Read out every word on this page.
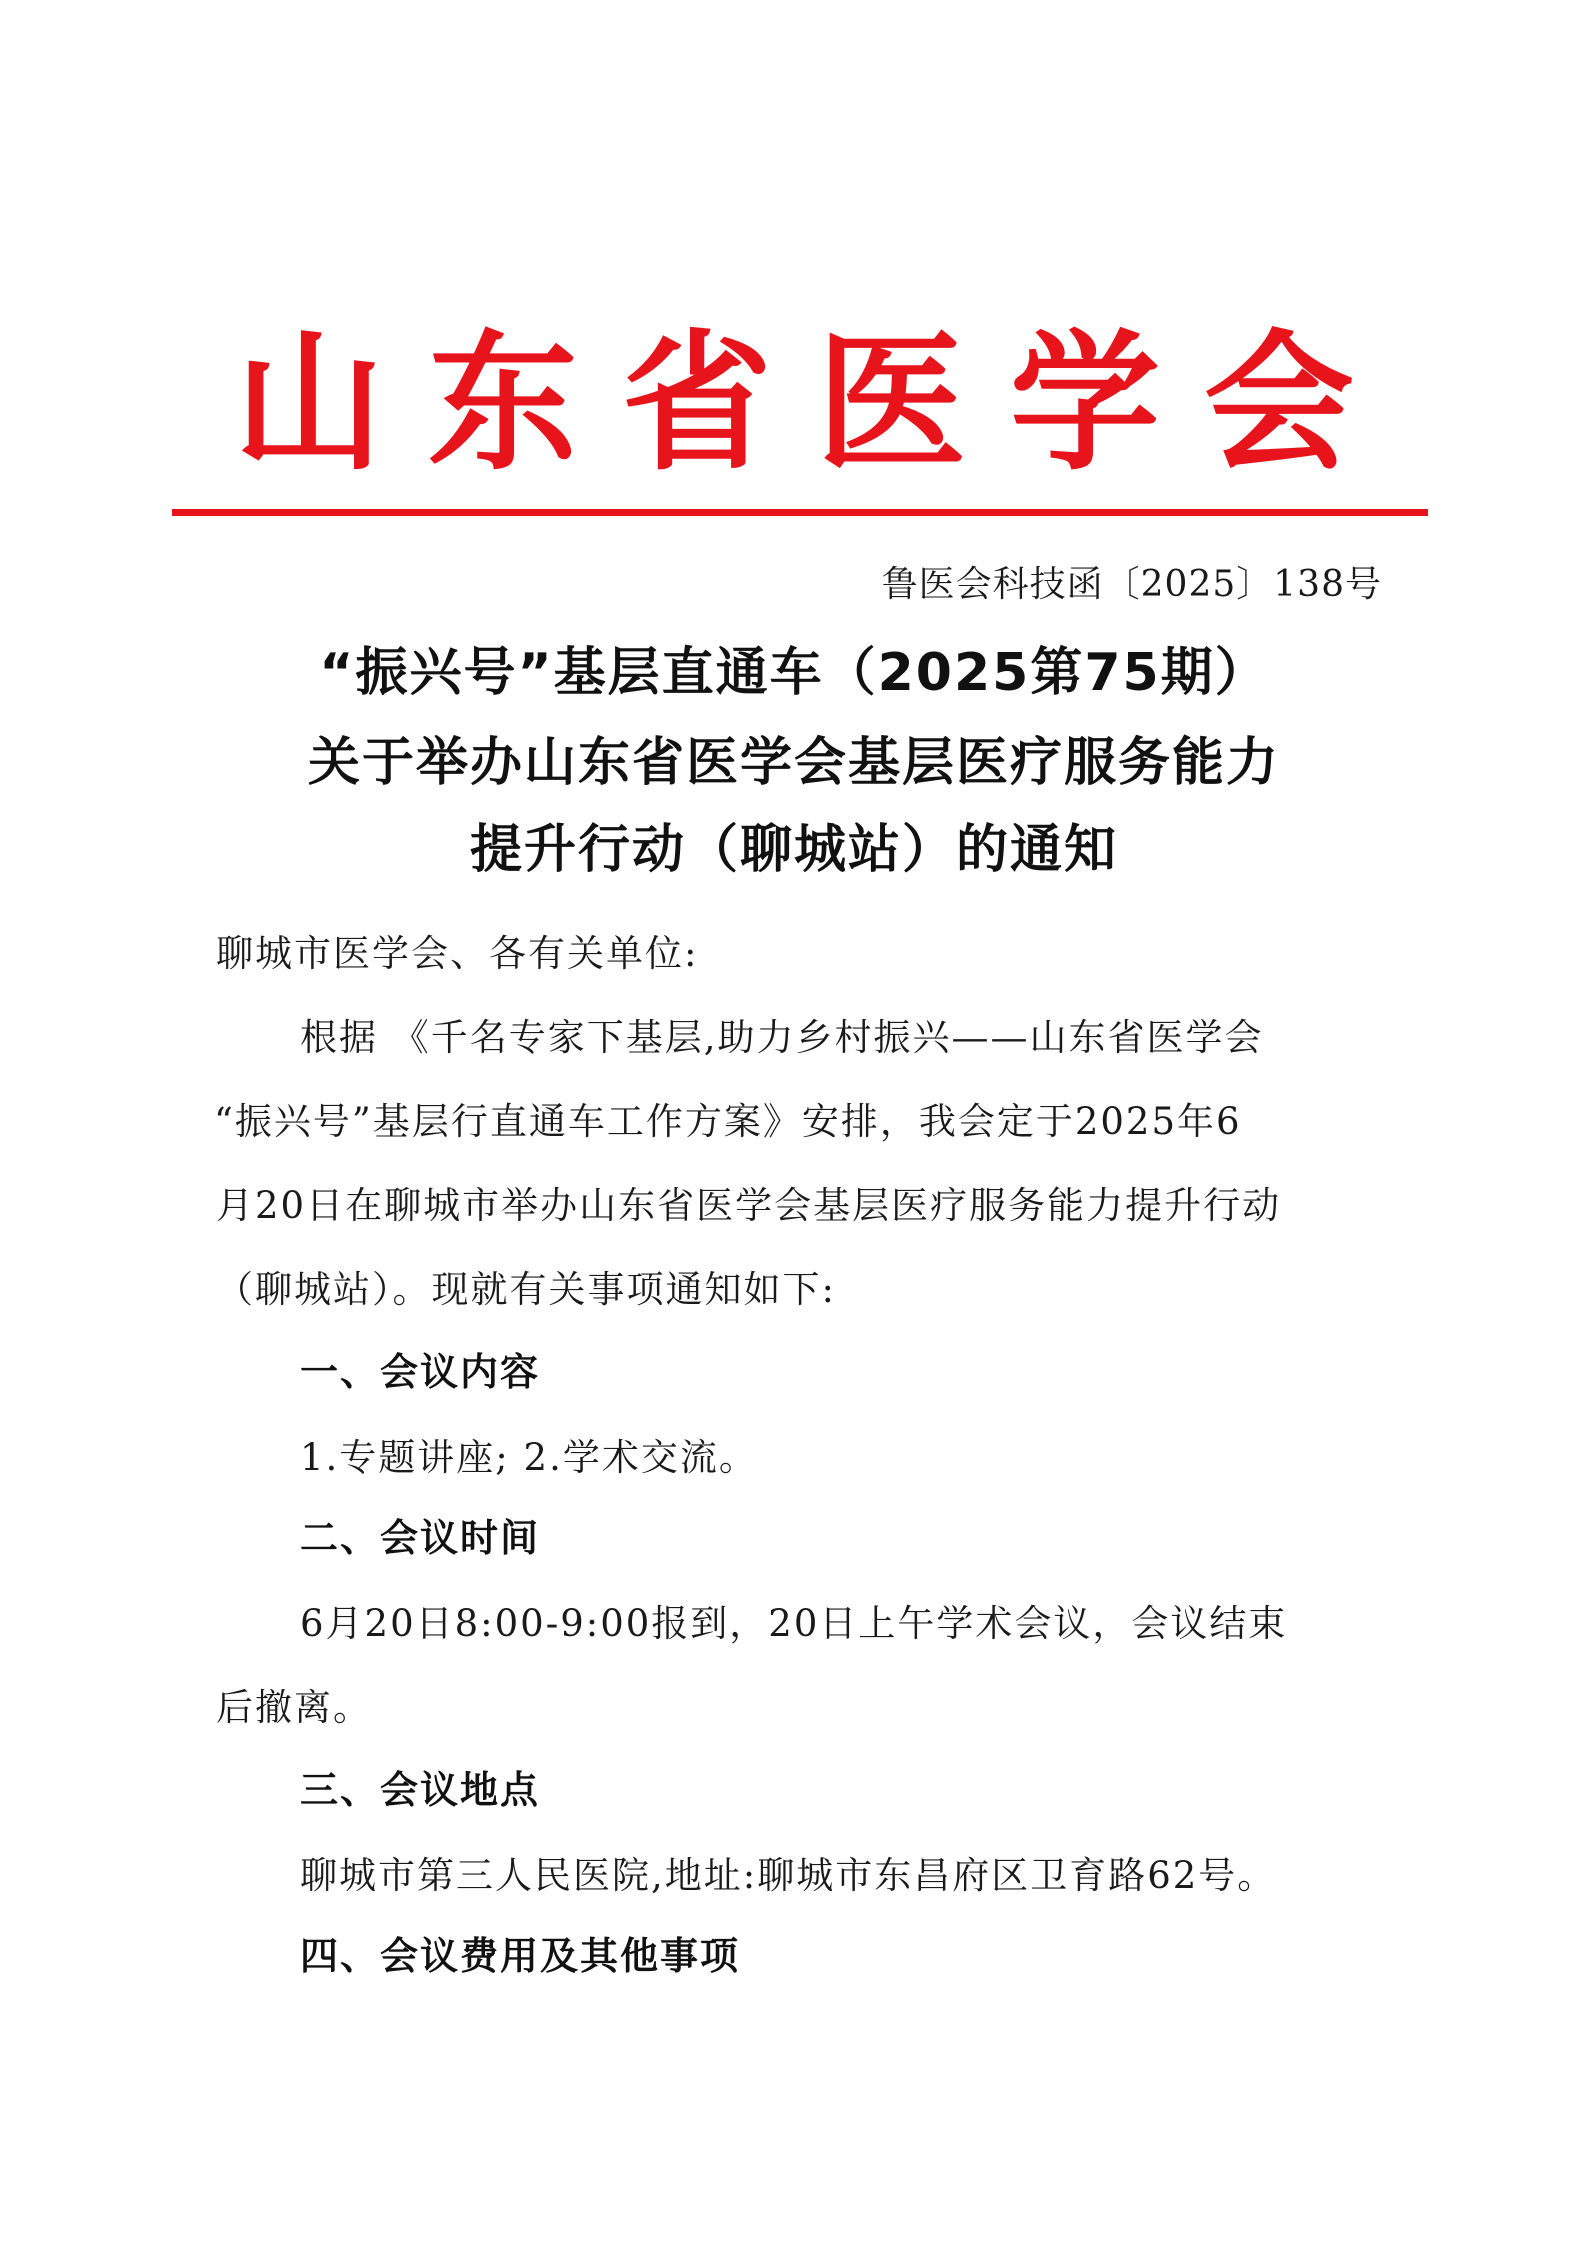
山东省医学会
鲁医会科技函〔2025〕138号
“振兴号”基层直通车（2025第75期）
关于举办山东省医学会基层医疗服务能力
提升行动（聊城站）的通知
聊城市医学会、各有关单位:
根据 《千名专家下基层,助力乡村振兴——山东省医学会
“振兴号”基层行直通车工作方案》安排，我会定于2025年6
月20日在聊城市举办山东省医学会基层医疗服务能力提升行动
（聊城站）。现就有关事项通知如下:
一、会议内容
1.专题讲座; 2.学术交流。
二、会议时间
6月20日8:00-9:00报到，20日上午学术会议，会议结束
后撤离。
三、会议地点
聊城市第三人民医院,地址:聊城市东昌府区卫育路62号。
四、会议费用及其他事项
